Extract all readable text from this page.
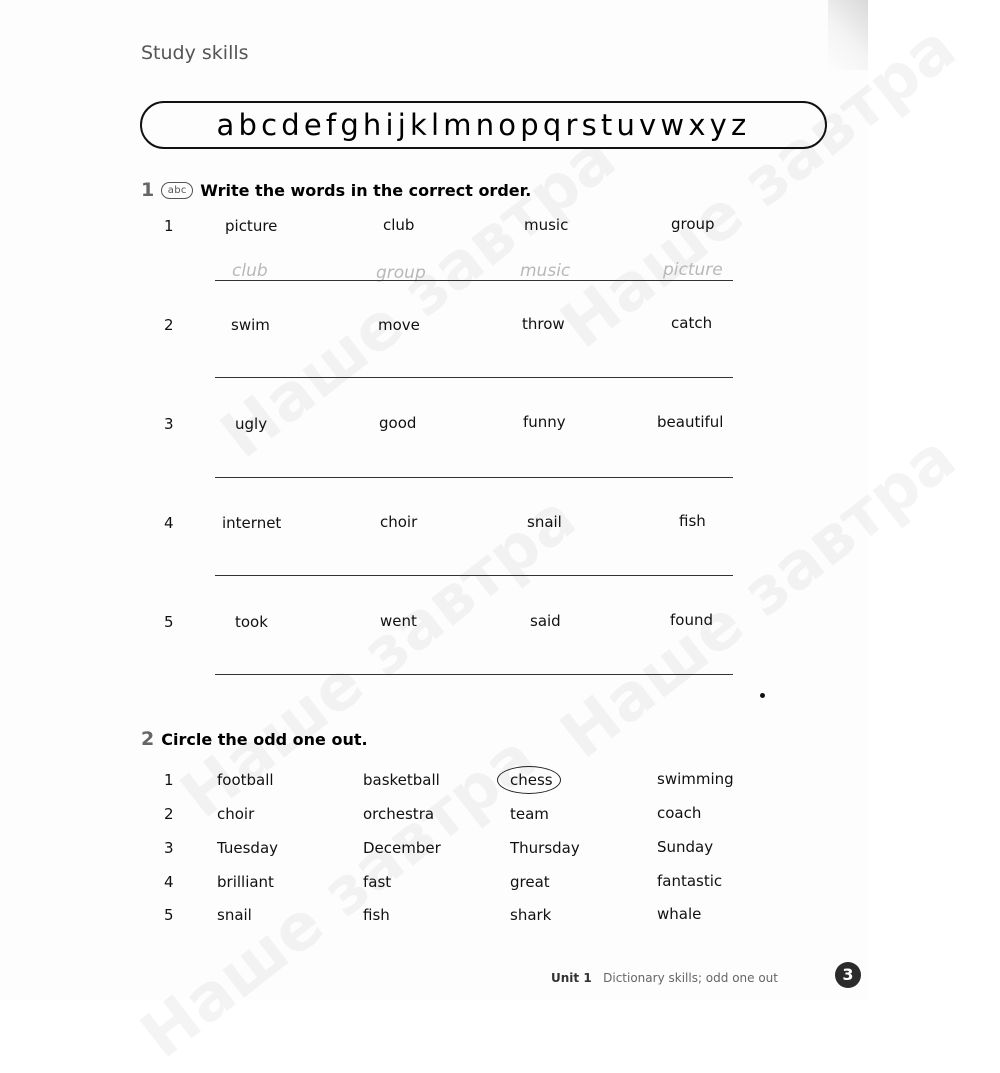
Study skills
abcdefghijklmnopqrstuvwxyz
1	abc Write the words in the correct order.
1	picture	club	music	group
club	group	music	picture
2	swim	move	throw	catch
3	ugly	good	funny	beautiful
4	internet	choir	snail	fish
5	took	went	said	found
2 Circle the odd one out.
1	football	basketball	chess	swimming
2	choir	orchestra	team	coach
3	Tuesday	December	Thursday	Sunday
4	brilliant	fast	great	fantastic
5	snail	fish	shark	whale
Unit 1 Dictionary skills; odd one out	3
